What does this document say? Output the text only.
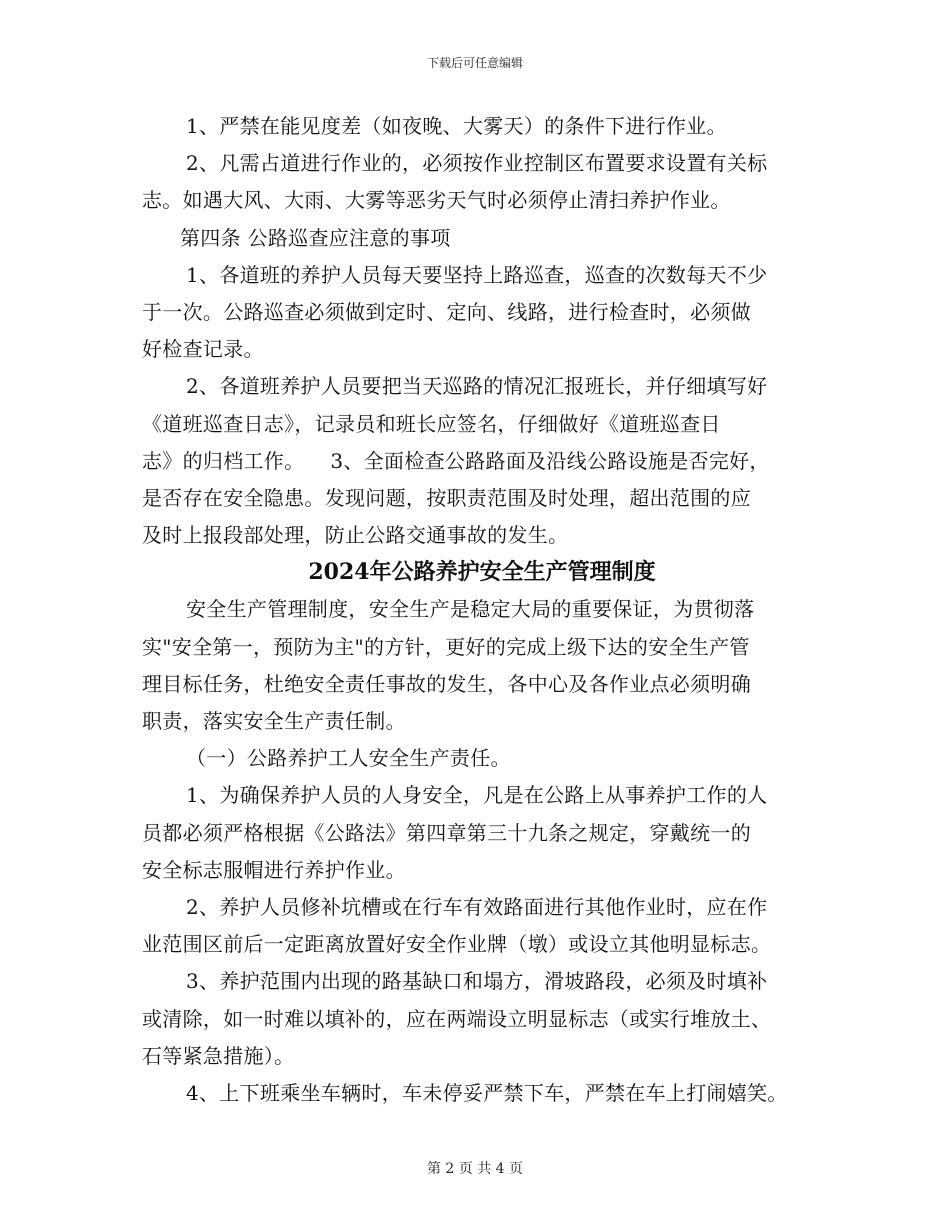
下载后可任意编辑
1、严禁在能见度差（如夜晚、大雾天）的条件下进行作业。
2、凡需占道进行作业的，必须按作业控制区布置要求设置有关标
志。如遇大风、大雨、大雾等恶劣天气时必须停止清扫养护作业。
第四条 公路巡查应注意的事项
1、各道班的养护人员每天要坚持上路巡查，巡查的次数每天不少
于一次。公路巡查必须做到定时、定向、线路，进行检查时，必须做
好检查记录。
2、各道班养护人员要把当天巡路的情况汇报班长，并仔细填写好
《道班巡查日志》，记录员和班长应签名，仔细做好《道班巡查日
志》的归档工作。 3、全面检查公路路面及沿线公路设施是否完好，
是否存在安全隐患。发现问题，按职责范围及时处理，超出范围的应
及时上报段部处理，防止公路交通事故的发生。
2024年公路养护安全生产管理制度
安全生产管理制度，安全生产是稳定大局的重要保证，为贯彻落
实"安全第一，预防为主"的方针，更好的完成上级下达的安全生产管
理目标任务，杜绝安全责任事故的发生，各中心及各作业点必须明确
职责，落实安全生产责任制。
（一）公路养护工人安全生产责任。
1、为确保养护人员的人身安全，凡是在公路上从事养护工作的人
员都必须严格根据《公路法》第四章第三十九条之规定，穿戴统一的
安全标志服帽进行养护作业。
2、养护人员修补坑槽或在行车有效路面进行其他作业时，应在作
业范围区前后一定距离放置好安全作业牌（墩）或设立其他明显标志。
3、养护范围内出现的路基缺口和塌方，滑坡路段，必须及时填补
或清除，如一时难以填补的，应在两端设立明显标志（或实行堆放土、
石等紧急措施）。
4、上下班乘坐车辆时，车未停妥严禁下车，严禁在车上打闹嬉笑。
第 2 页 共 4 页
